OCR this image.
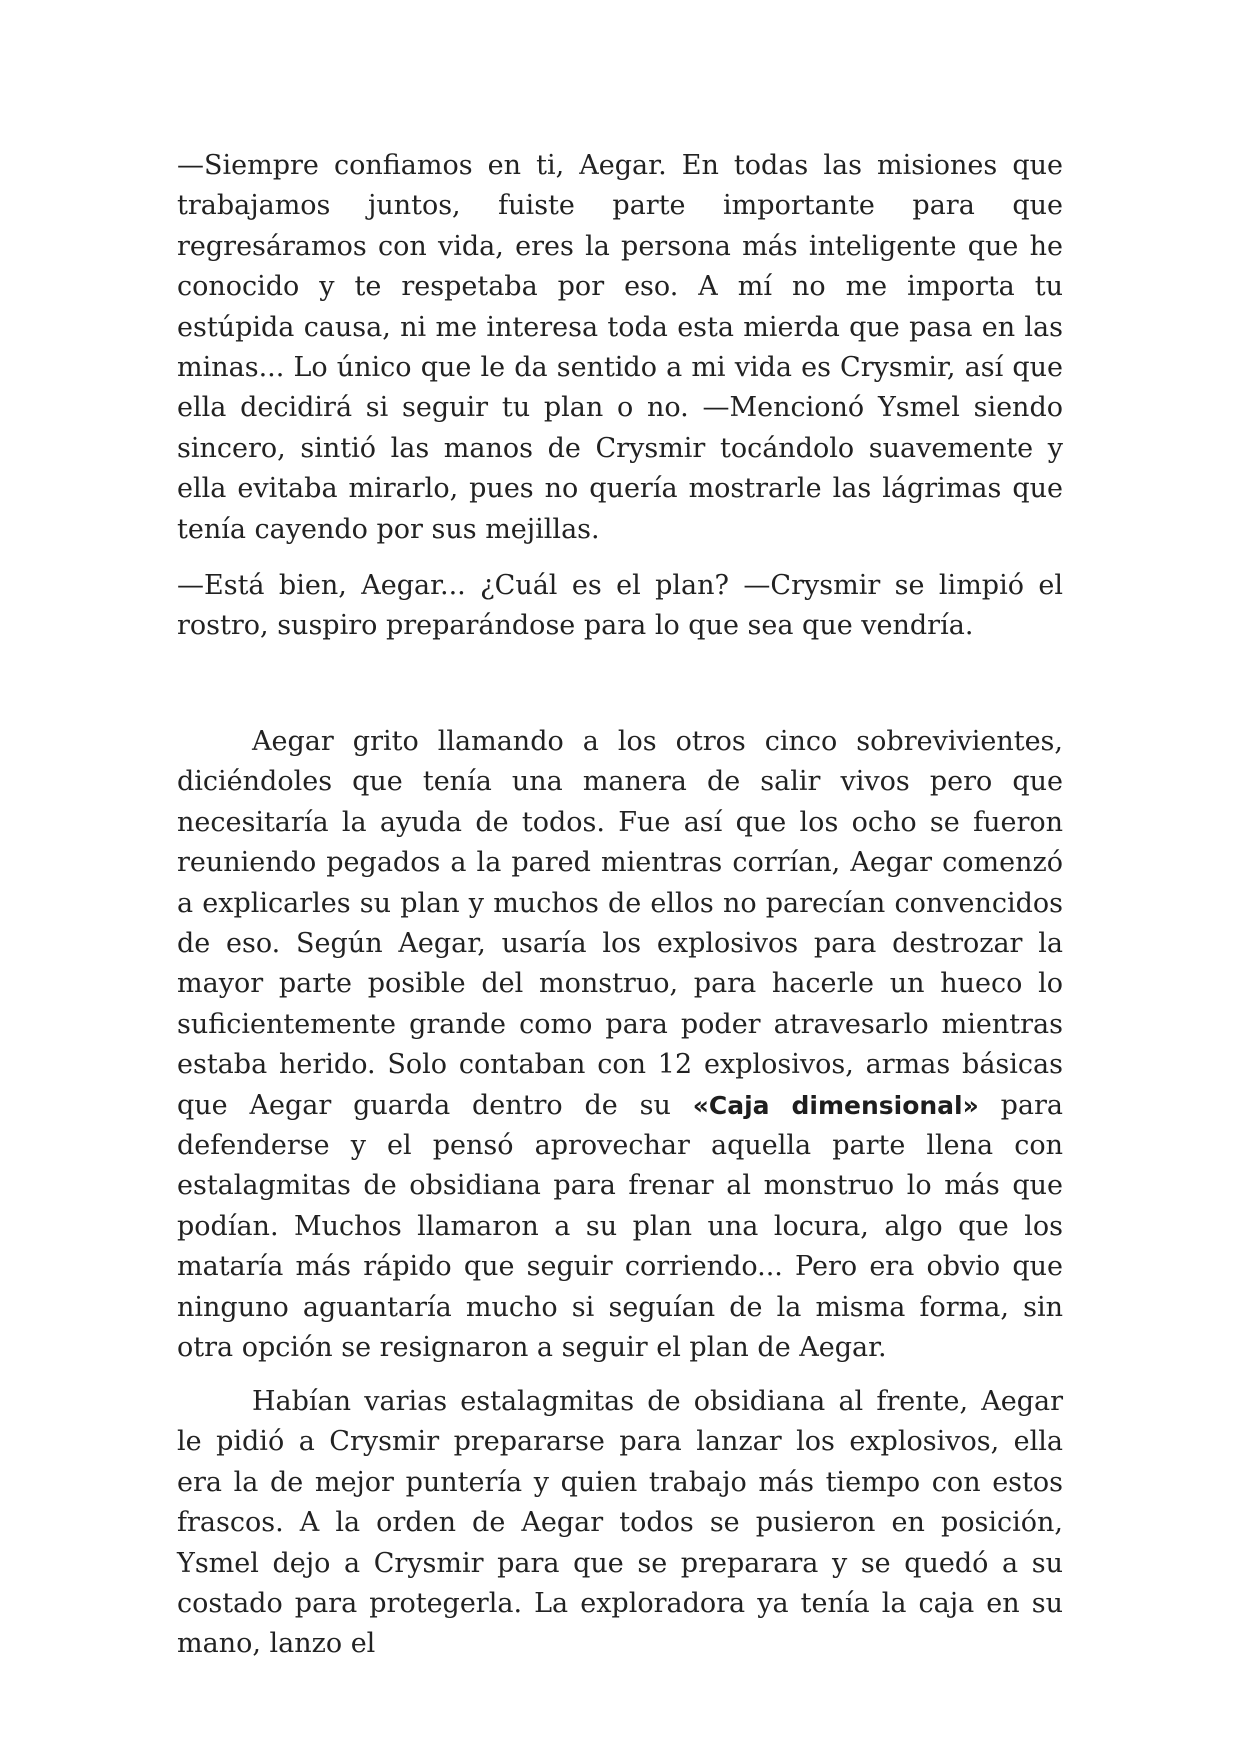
—Siempre confiamos en ti, Aegar. En todas las misiones que trabajamos juntos, fuiste parte importante para que regresáramos con vida, eres la persona más inteligente que he conocido y te respetaba por eso. A mí no me importa tu estúpida causa, ni me interesa toda esta mierda que pasa en las minas... Lo único que le da sentido a mi vida es Crysmir, así que ella decidirá si seguir tu plan o no. —Mencionó Ysmel siendo sincero, sintió las manos de Crysmir tocándolo suavemente y ella evitaba mirarlo, pues no quería mostrarle las lágrimas que tenía cayendo por sus mejillas.

—Está bien, Aegar... ¿Cuál es el plan? —Crysmir se limpió el rostro, suspiro preparándose para lo que sea que vendría.

Aegar grito llamando a los otros cinco sobrevivientes, diciéndoles que tenía una manera de salir vivos pero que necesitaría la ayuda de todos. Fue así que los ocho se fueron reuniendo pegados a la pared mientras corrían, Aegar comenzó a explicarles su plan y muchos de ellos no parecían convencidos de eso. Según Aegar, usaría los explosivos para destrozar la mayor parte posible del monstruo, para hacerle un hueco lo suficientemente grande como para poder atravesarlo mientras estaba herido. Solo contaban con 12 explosivos, armas básicas que Aegar guarda dentro de su «Caja dimensional» para defenderse y el pensó aprovechar aquella parte llena con estalagmitas de obsidiana para frenar al monstruo lo más que podían. Muchos llamaron a su plan una locura, algo que los mataría más rápido que seguir corriendo... Pero era obvio que ninguno aguantaría mucho si seguían de la misma forma, sin otra opción se resignaron a seguir el plan de Aegar.

Habían varias estalagmitas de obsidiana al frente, Aegar le pidió a Crysmir prepararse para lanzar los explosivos, ella era la de mejor puntería y quien trabajo más tiempo con estos frascos. A la orden de Aegar todos se pusieron en posición, Ysmel dejo a Crysmir para que se preparara y se quedó a su costado para protegerla. La exploradora ya tenía la caja en su mano, lanzo el
